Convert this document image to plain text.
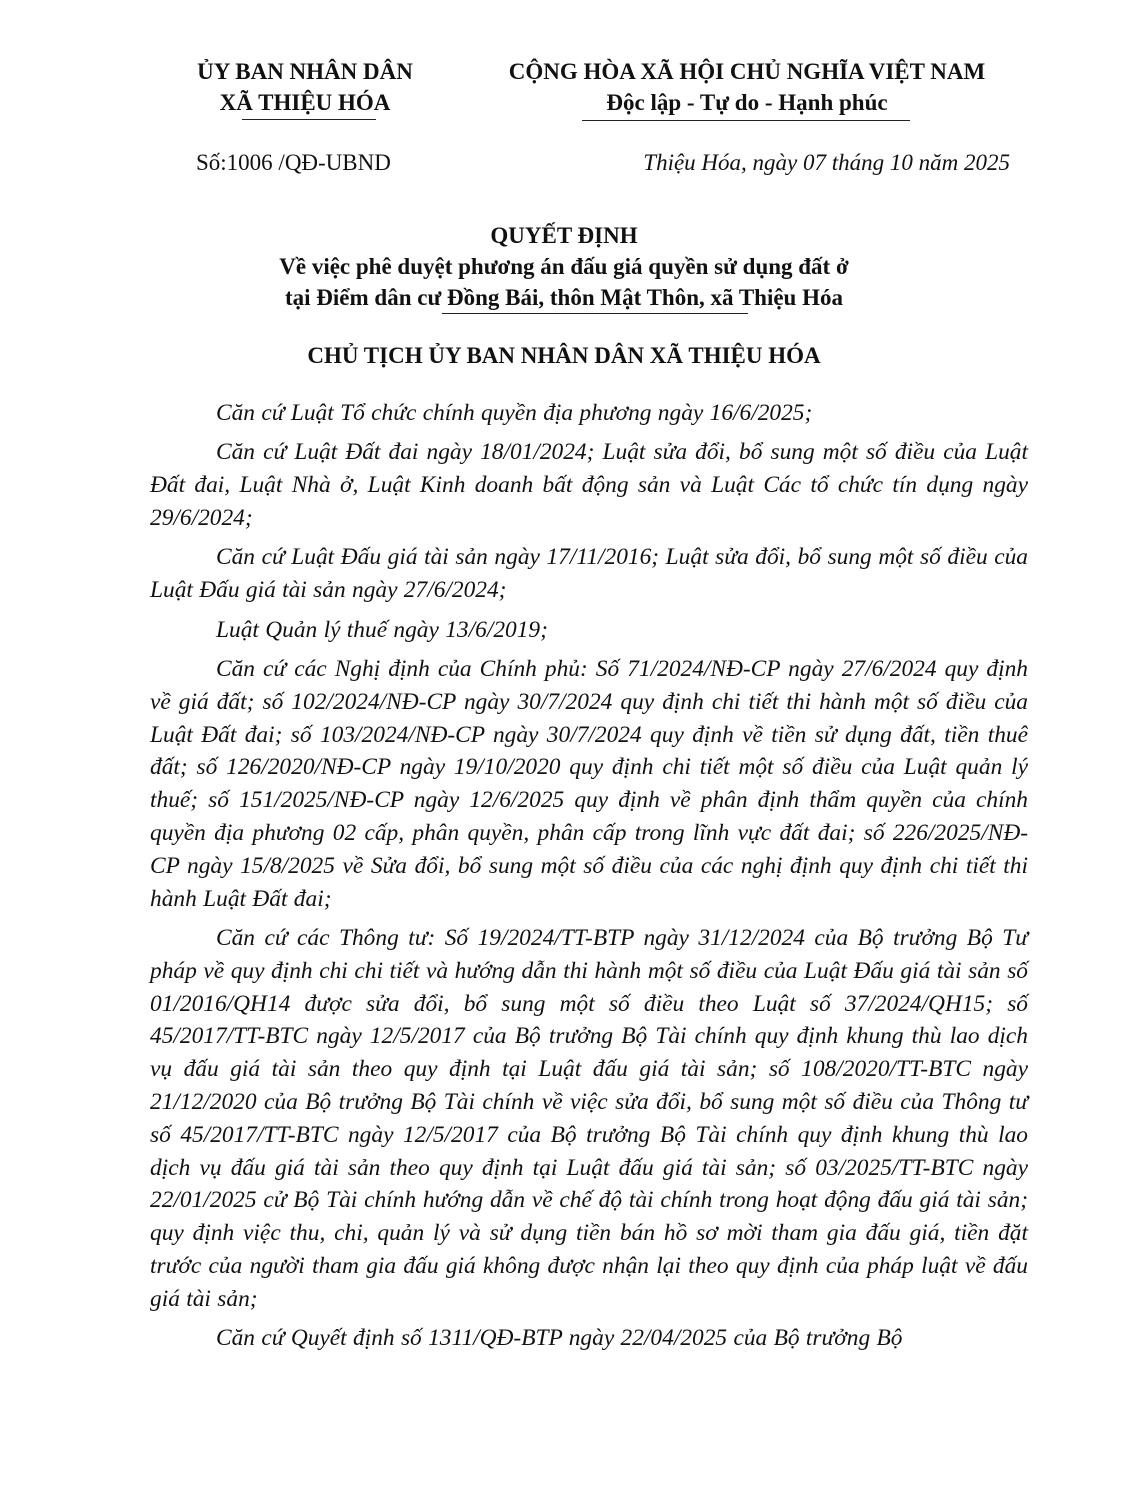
ỦY BAN NHÂN DÂN
XÃ THIỆU HÓA
CỘNG HÒA XÃ HỘI CHỦ NGHĨA VIỆT NAM
Độc lập - Tự do - Hạnh phúc
Số:1006 /QĐ-UBND	Thiệu Hóa, ngày 07 tháng 10 năm 2025
QUYẾT ĐỊNH
Về việc phê duyệt phương án đấu giá quyền sử dụng đất ở
tại Điểm dân cư Đồng Bái, thôn Mật Thôn, xã Thiệu Hóa
CHỦ TỊCH ỦY BAN NHÂN DÂN XÃ THIỆU HÓA

Căn cứ Luật Tổ chức chính quyền địa phương ngày 16/6/2025;

Căn cứ Luật Đất đai ngày 18/01/2024; Luật sửa đổi, bổ sung một số điều của Luật Đất đai, Luật Nhà ở, Luật Kinh doanh bất động sản và Luật Các tổ chức tín dụng ngày 29/6/2024;

Căn cứ Luật Đấu giá tài sản ngày 17/11/2016; Luật sửa đổi, bổ sung một số điều của Luật Đấu giá tài sản ngày 27/6/2024;

Luật Quản lý thuế ngày 13/6/2019;

Căn cứ các Nghị định của Chính phủ: Số 71/2024/NĐ-CP ngày 27/6/2024 quy định về giá đất; số 102/2024/NĐ-CP ngày 30/7/2024 quy định chi tiết thi hành một số điều của Luật Đất đai; số 103/2024/NĐ-CP ngày 30/7/2024 quy định về tiền sử dụng đất, tiền thuê đất; số 126/2020/NĐ-CP ngày 19/10/2020 quy định chi tiết một số điều của Luật quản lý thuế; số 151/2025/NĐ-CP ngày 12/6/2025 quy định về phân định thẩm quyền của chính quyền địa phương 02 cấp, phân quyền, phân cấp trong lĩnh vực đất đai; số 226/2025/NĐ-CP ngày 15/8/2025 về Sửa đổi, bổ sung một số điều của các nghị định quy định chi tiết thi hành Luật Đất đai;

Căn cứ các Thông tư: Số 19/2024/TT-BTP ngày 31/12/2024 của Bộ trưởng Bộ Tư pháp về quy định chi chi tiết và hướng dẫn thi hành một số điều của Luật Đấu giá tài sản số 01/2016/QH14 được sửa đổi, bổ sung một số điều theo Luật số 37/2024/QH15; số 45/2017/TT-BTC ngày 12/5/2017 của Bộ trưởng Bộ Tài chính quy định khung thù lao dịch vụ đấu giá tài sản theo quy định tại Luật đấu giá tài sản; số 108/2020/TT-BTC ngày 21/12/2020 của Bộ trưởng Bộ Tài chính về việc sửa đổi, bổ sung một số điều của Thông tư số 45/2017/TT-BTC ngày 12/5/2017 của Bộ trưởng Bộ Tài chính quy định khung thù lao dịch vụ đấu giá tài sản theo quy định tại Luật đấu giá tài sản; số 03/2025/TT-BTC ngày 22/01/2025 cử Bộ Tài chính hướng dẫn về chế độ tài chính trong hoạt động đấu giá tài sản; quy định việc thu, chi, quản lý và sử dụng tiền bán hồ sơ mời tham gia đấu giá, tiền đặt trước của người tham gia đấu giá không được nhận lại theo quy định của pháp luật về đấu giá tài sản;

Căn cứ Quyết định số 1311/QĐ-BTP ngày 22/04/2025 của Bộ trưởng Bộ
